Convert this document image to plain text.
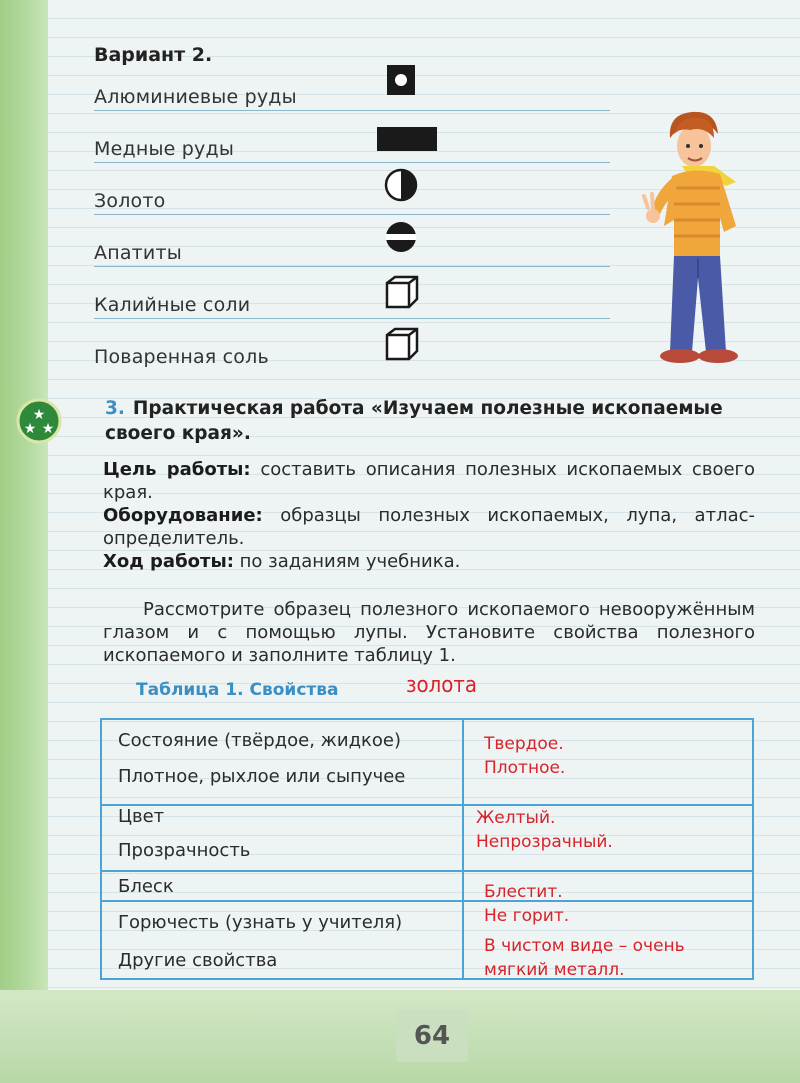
Вариант 2.
Алюминиевые руды
Медные руды
Золото
Апатиты
Калийные соли
Поваренная соль
★
★ ★
3. Практическая работа «Изучаем полезные ископаемые своего края».
Цель работы: составить описания полезных ископаемых своего края.
Оборудование: образцы полезных ископаемых, лупа, атлас-определитель.
Ход работы: по заданиям учебника.
Рассмотрите образец полезного ископаемого невооружённым глазом и с помощью лупы. Установите свойства полезного ископаемого и заполните таблицу 1.
Таблица 1. Свойства	золота
Состояние (твёрдое, жидкое)
Плотное, рыхлое или сыпучее
Цвет
Прозрачность
Блеск
Горючесть (узнать у учителя)
Другие свойства
Твердое.
Плотное.
Желтый.
Непрозрачный.
Блестит.
Не горит.
В чистом виде – очень
мягкий металл.
64
